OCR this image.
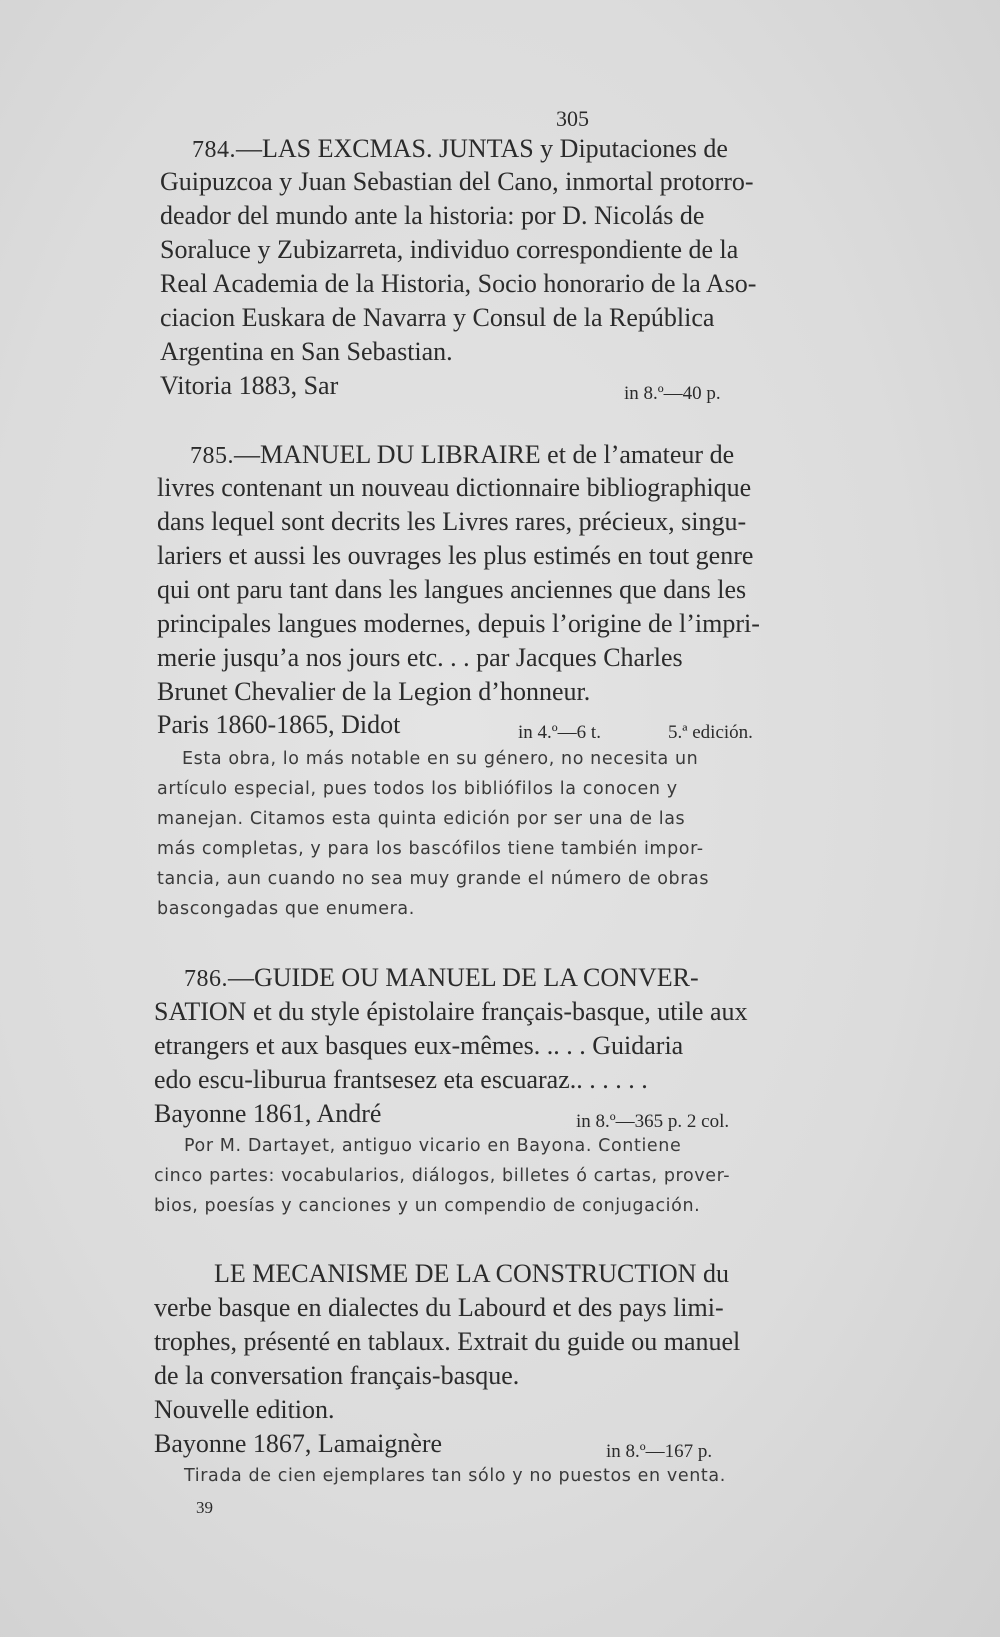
305
784.—LAS EXCMAS. JUNTAS y Diputaciones de
Guipuzcoa y Juan Sebastian del Cano, inmortal protorro-
deador del mundo ante la historia: por D. Nicolás de
Soraluce y Zubizarreta, individuo correspondiente de la
Real Academia de la Historia, Socio honorario de la Aso-
ciacion Euskara de Navarra y Consul de la República
Argentina en San Sebastian.
Vitoria 1883, Sar	in 8.º—40 p.
785.—MANUEL DU LIBRAIRE et de l’amateur de
livres contenant un nouveau dictionnaire bibliographique
dans lequel sont decrits les Livres rares, précieux, singu-
lariers et aussi les ouvrages les plus estimés en tout genre
qui ont paru tant dans les langues anciennes que dans les
principales langues modernes, depuis l’origine de l’impri-
merie jusqu’a nos jours etc. . . par Jacques Charles
Brunet Chevalier de la Legion d’honneur.
Paris 1860-1865, Didot	in 4.º—6 t.	5.ª edición.
Esta obra, lo más notable en su género, no necesita un
artículo especial, pues todos los bibliófilos la conocen y
manejan. Citamos esta quinta edición por ser una de las
más completas, y para los bascófilos tiene también impor-
tancia, aun cuando no sea muy grande el número de obras
bascongadas que enumera.
786.—GUIDE OU MANUEL DE LA CONVER-
SATION et du style épistolaire français-basque, utile aux
etrangers et aux basques eux-mêmes. .. . . Guidaria
edo escu-liburua frantsesez eta escuaraz.. . . . . .
Bayonne 1861, André	in 8.º—365 p. 2 col.
Por M. Dartayet, antiguo vicario en Bayona. Contiene
cinco partes: vocabularios, diálogos, billetes ó cartas, prover-
bios, poesías y canciones y un compendio de conjugación.
LE MECANISME DE LA CONSTRUCTION du
verbe basque en dialectes du Labourd et des pays limi-
trophes, présenté en tablaux. Extrait du guide ou manuel
de la conversation français-basque.
Nouvelle edition.
Bayonne 1867, Lamaignère	in 8.º—167 p.
Tirada de cien ejemplares tan sólo y no puestos en venta.
39
